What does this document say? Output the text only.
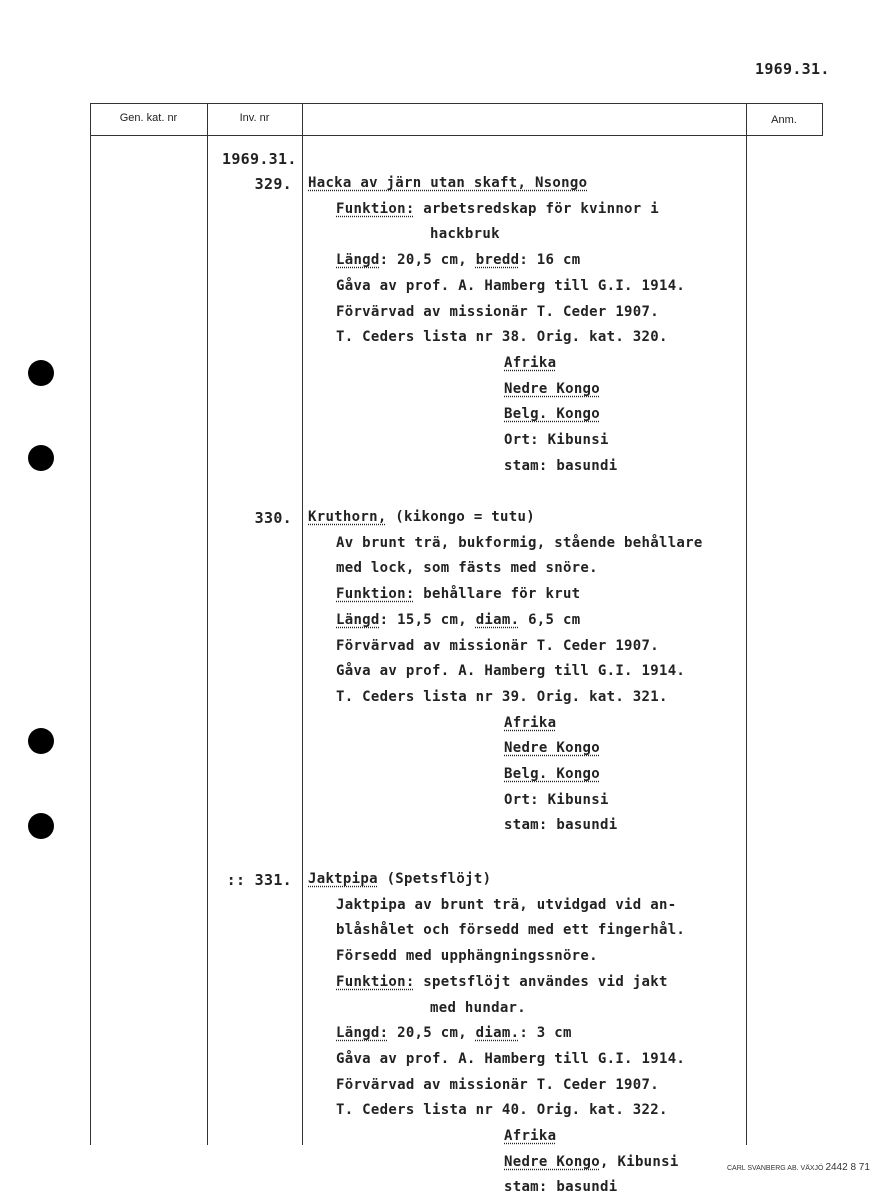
1969.31.
Gen. kat. nr	Inv. nr	Anm.
1969.31.
329. Hacka av järn utan skaft, Nsongo
Funktion: arbetsredskap för kvinnor i
hackbruk
Längd: 20,5 cm, bredd: 16 cm
Gåva av prof. A. Hamberg till G.I. 1914.
Förvärvad av missionär T. Ceder 1907.
T. Ceders lista nr 38. Orig. kat. 320.
Afrika
Nedre Kongo
Belg. Kongo
Ort: Kibunsi
stam: basundi
330. Kruthorn, (kikongo = tutu)
Av brunt trä, bukformig, stående behållare
med lock, som fästs med snöre.
Funktion: behållare för krut
Längd: 15,5 cm, diam. 6,5 cm
Förvärvad av missionär T. Ceder 1907.
Gåva av prof. A. Hamberg till G.I. 1914.
T. Ceders lista nr 39. Orig. kat. 321.
Afrika
Nedre Kongo
Belg. Kongo
Ort: Kibunsi
stam: basundi
:: 331. Jaktpipa (Spetsflöjt)
Jaktpipa av brunt trä, utvidgad vid an-
blåshålet och försedd med ett fingerhål.
Försedd med upphängningssnöre.
Funktion: spetsflöjt användes vid jakt
med hundar.
Längd: 20,5 cm, diam.: 3 cm
Gåva av prof. A. Hamberg till G.I. 1914.
Förvärvad av missionär T. Ceder 1907.
T. Ceders lista nr 40. Orig. kat. 322.
Afrika
Nedre Kongo, Kibunsi
stam: basundi
CARL SVANBERG AB. VÄXJÖ 2442 8 71
